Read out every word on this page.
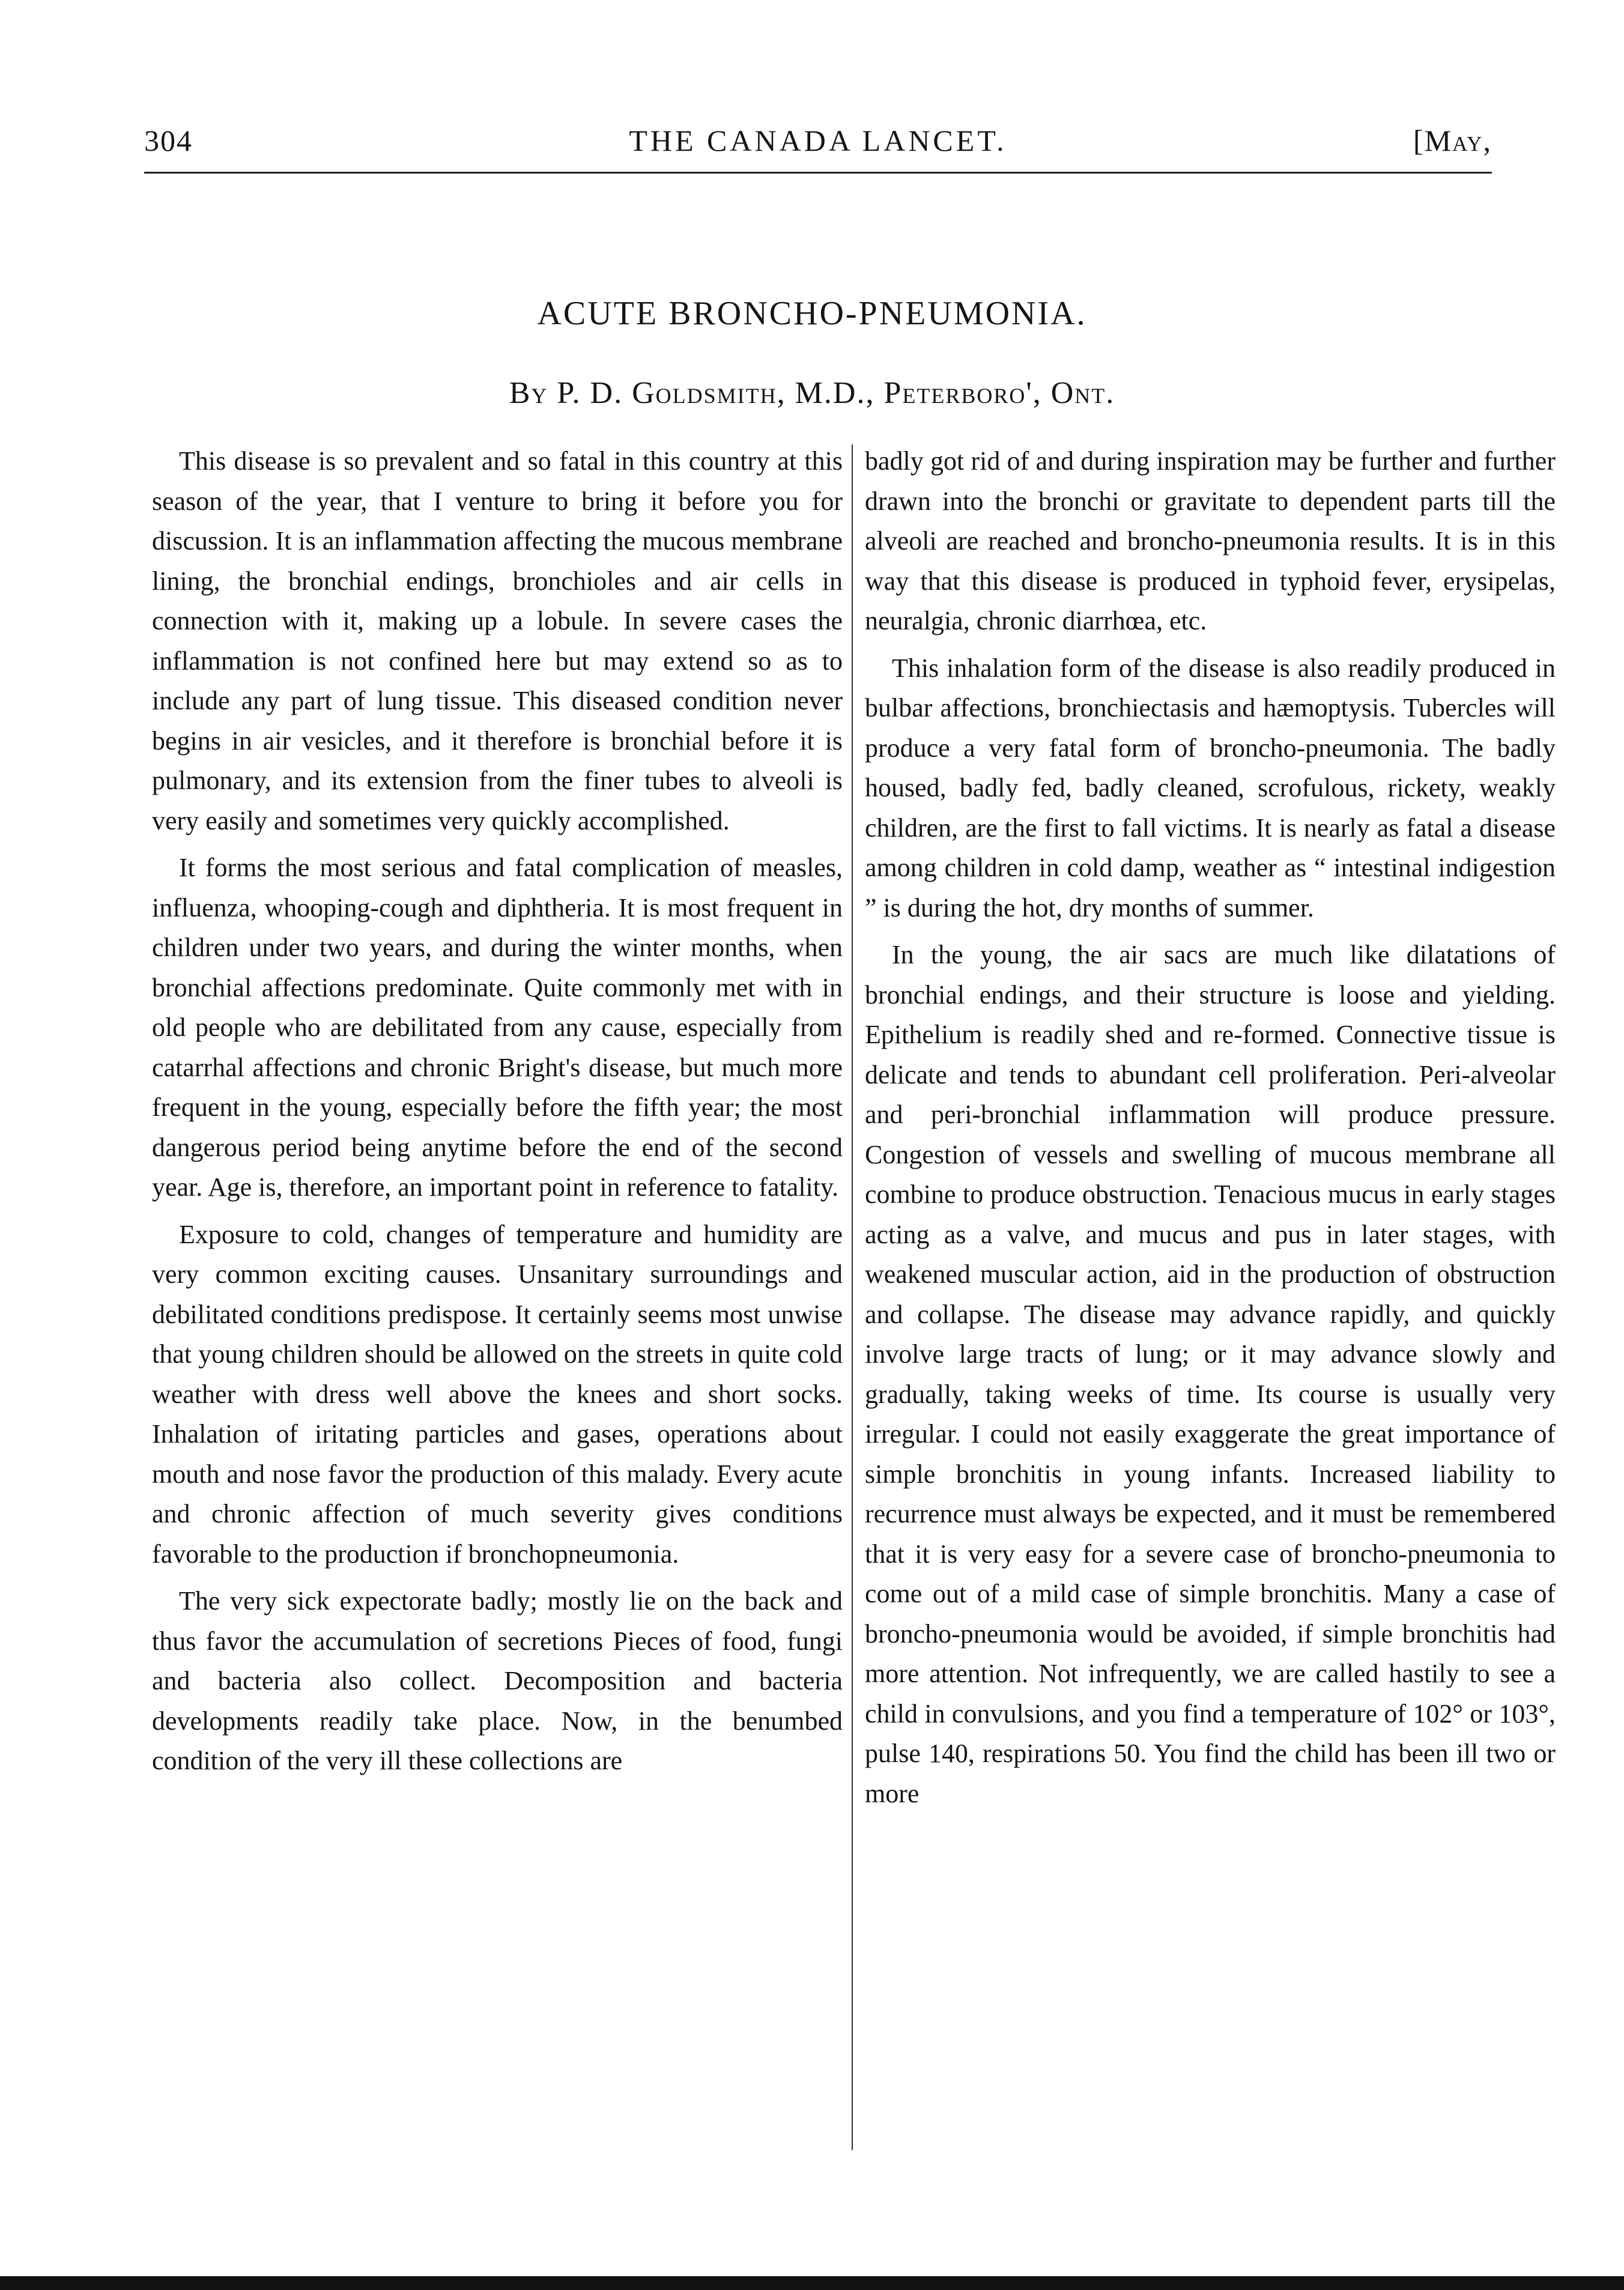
304	THE CANADA LANCET.	[May,
ACUTE BRONCHO-PNEUMONIA.
By P. D. Goldsmith, M.D., Peterboro', Ont.

This disease is so prevalent and so fatal in this country at this season of the year, that I venture to bring it before you for discussion. It is an inflammation affecting the mucous membrane lining, the bronchial endings, bronchioles and air cells in connection with it, making up a lobule. In severe cases the inflammation is not confined here but may extend so as to include any part of lung tissue. This diseased condition never begins in air vesicles, and it therefore is bronchial before it is pulmonary, and its extension from the finer tubes to alveoli is very easily and sometimes very quickly accomplished.

It forms the most serious and fatal complication of measles, influenza, whooping-cough and diphtheria. It is most frequent in children under two years, and during the winter months, when bronchial affections predominate. Quite commonly met with in old people who are debilitated from any cause, especially from catarrhal affections and chronic Bright's disease, but much more frequent in the young, especially before the fifth year; the most dangerous period being anytime before the end of the second year. Age is, therefore, an important point in reference to fatality.

Exposure to cold, changes of temperature and humidity are very common exciting causes. Unsanitary surroundings and debilitated conditions predispose. It certainly seems most unwise that young children should be allowed on the streets in quite cold weather with dress well above the knees and short socks. Inhalation of iritating particles and gases, operations about mouth and nose favor the production of this malady. Every acute and chronic affection of much severity gives conditions favorable to the production if bronchopneumonia.

The very sick expectorate badly; mostly lie on the back and thus favor the accumulation of secretions Pieces of food, fungi and bacteria also collect. Decomposition and bacteria developments readily take place. Now, in the benumbed condition of the very ill these collections are

badly got rid of and during inspiration may be further and further drawn into the bronchi or gravitate to dependent parts till the alveoli are reached and broncho-pneumonia results. It is in this way that this disease is produced in typhoid fever, erysipelas, neuralgia, chronic diarrhœa, etc.

This inhalation form of the disease is also readily produced in bulbar affections, bronchiectasis and hæmoptysis. Tubercles will produce a very fatal form of broncho-pneumonia. The badly housed, badly fed, badly cleaned, scrofulous, rickety, weakly children, are the first to fall victims. It is nearly as fatal a disease among children in cold damp, weather as “ intestinal indigestion ” is during the hot, dry months of summer.

In the young, the air sacs are much like dilatations of bronchial endings, and their structure is loose and yielding. Epithelium is readily shed and re-formed. Connective tissue is delicate and tends to abundant cell proliferation. Peri-alveolar and peri-bronchial inflammation will produce pressure. Congestion of vessels and swelling of mucous membrane all combine to produce obstruction. Tenacious mucus in early stages acting as a valve, and mucus and pus in later stages, with weakened muscular action, aid in the production of obstruction and collapse. The disease may advance rapidly, and quickly involve large tracts of lung; or it may advance slowly and gradually, taking weeks of time. Its course is usually very irregular. I could not easily exaggerate the great importance of simple bronchitis in young infants. Increased liability to recurrence must always be expected, and it must be remembered that it is very easy for a severe case of broncho-pneumonia to come out of a mild case of simple bronchitis. Many a case of broncho-pneumonia would be avoided, if simple bronchitis had more attention. Not infrequently, we are called hastily to see a child in convulsions, and you find a temperature of 102° or 103°, pulse 140, respirations 50. You find the child has been ill two or more
